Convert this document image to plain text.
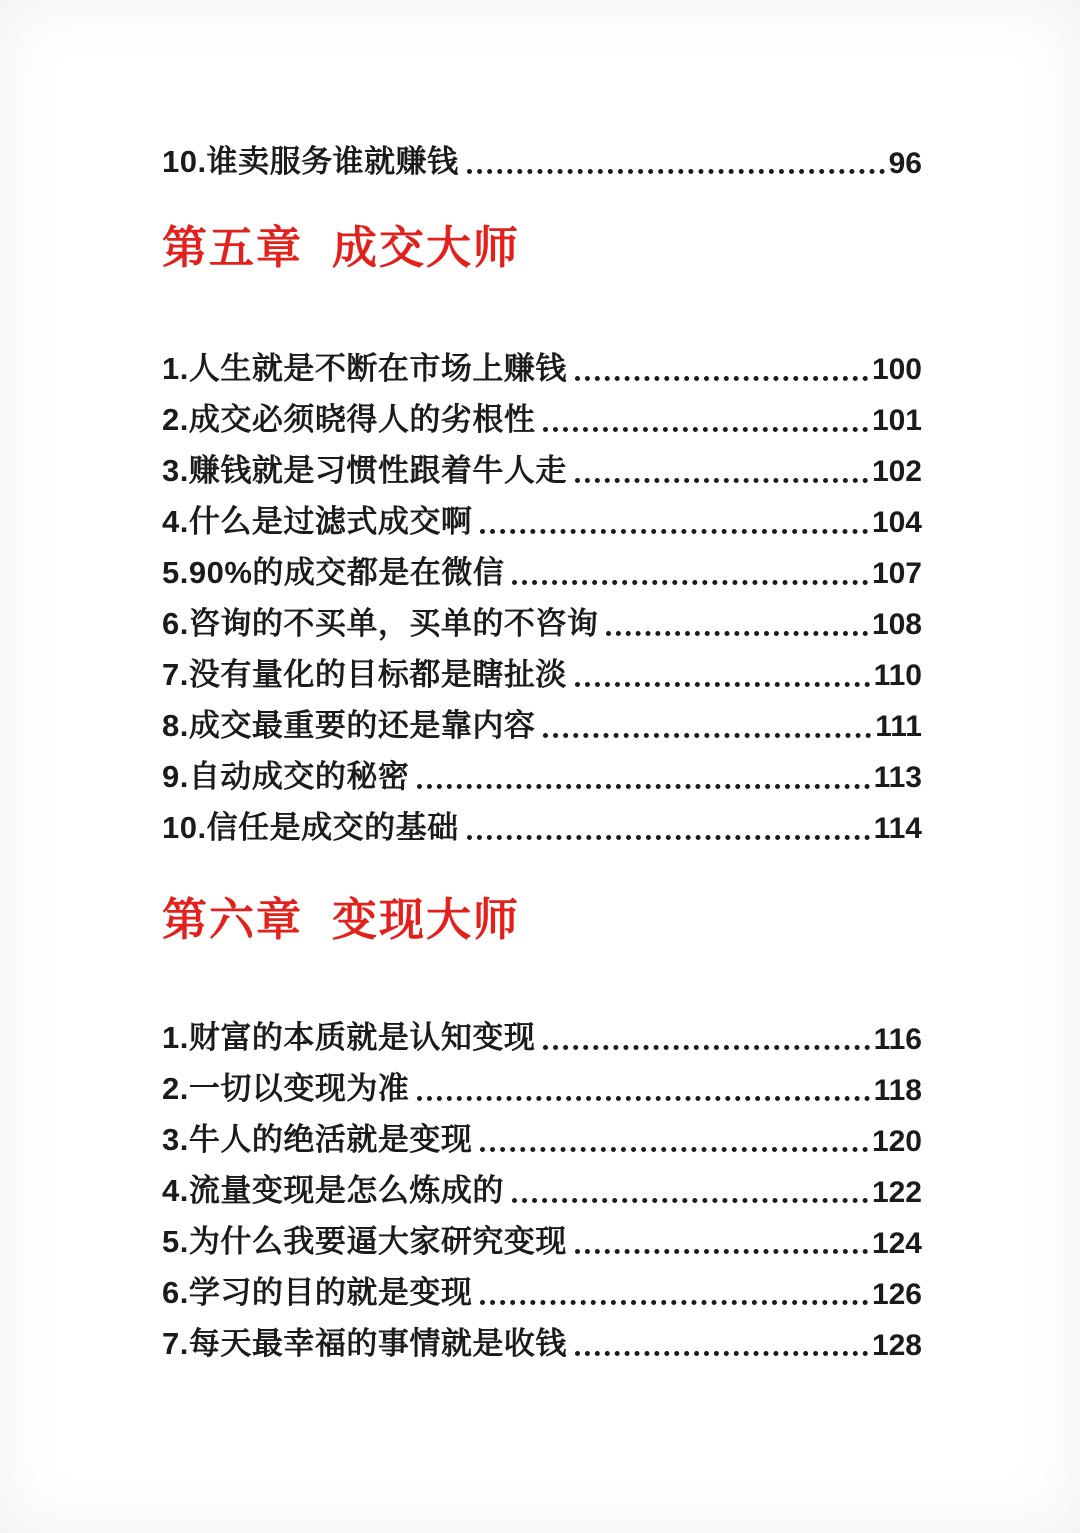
10.谁卖服务谁就赚钱	96
第五章  成交大师
1.人生就是不断在市场上赚钱	100
2.成交必须晓得人的劣根性	101
3.赚钱就是习惯性跟着牛人走	102
4.什么是过滤式成交啊	104
5.90%的成交都是在微信	107
6.咨询的不买单，买单的不咨询	108
7.没有量化的目标都是瞎扯淡	110
8.成交最重要的还是靠内容	111
9.自动成交的秘密	113
10.信任是成交的基础	114
第六章  变现大师
1.财富的本质就是认知变现	116
2.一切以变现为准	118
3.牛人的绝活就是变现	120
4.流量变现是怎么炼成的	122
5.为什么我要逼大家研究变现	124
6.学习的目的就是变现	126
7.每天最幸福的事情就是收钱	128
